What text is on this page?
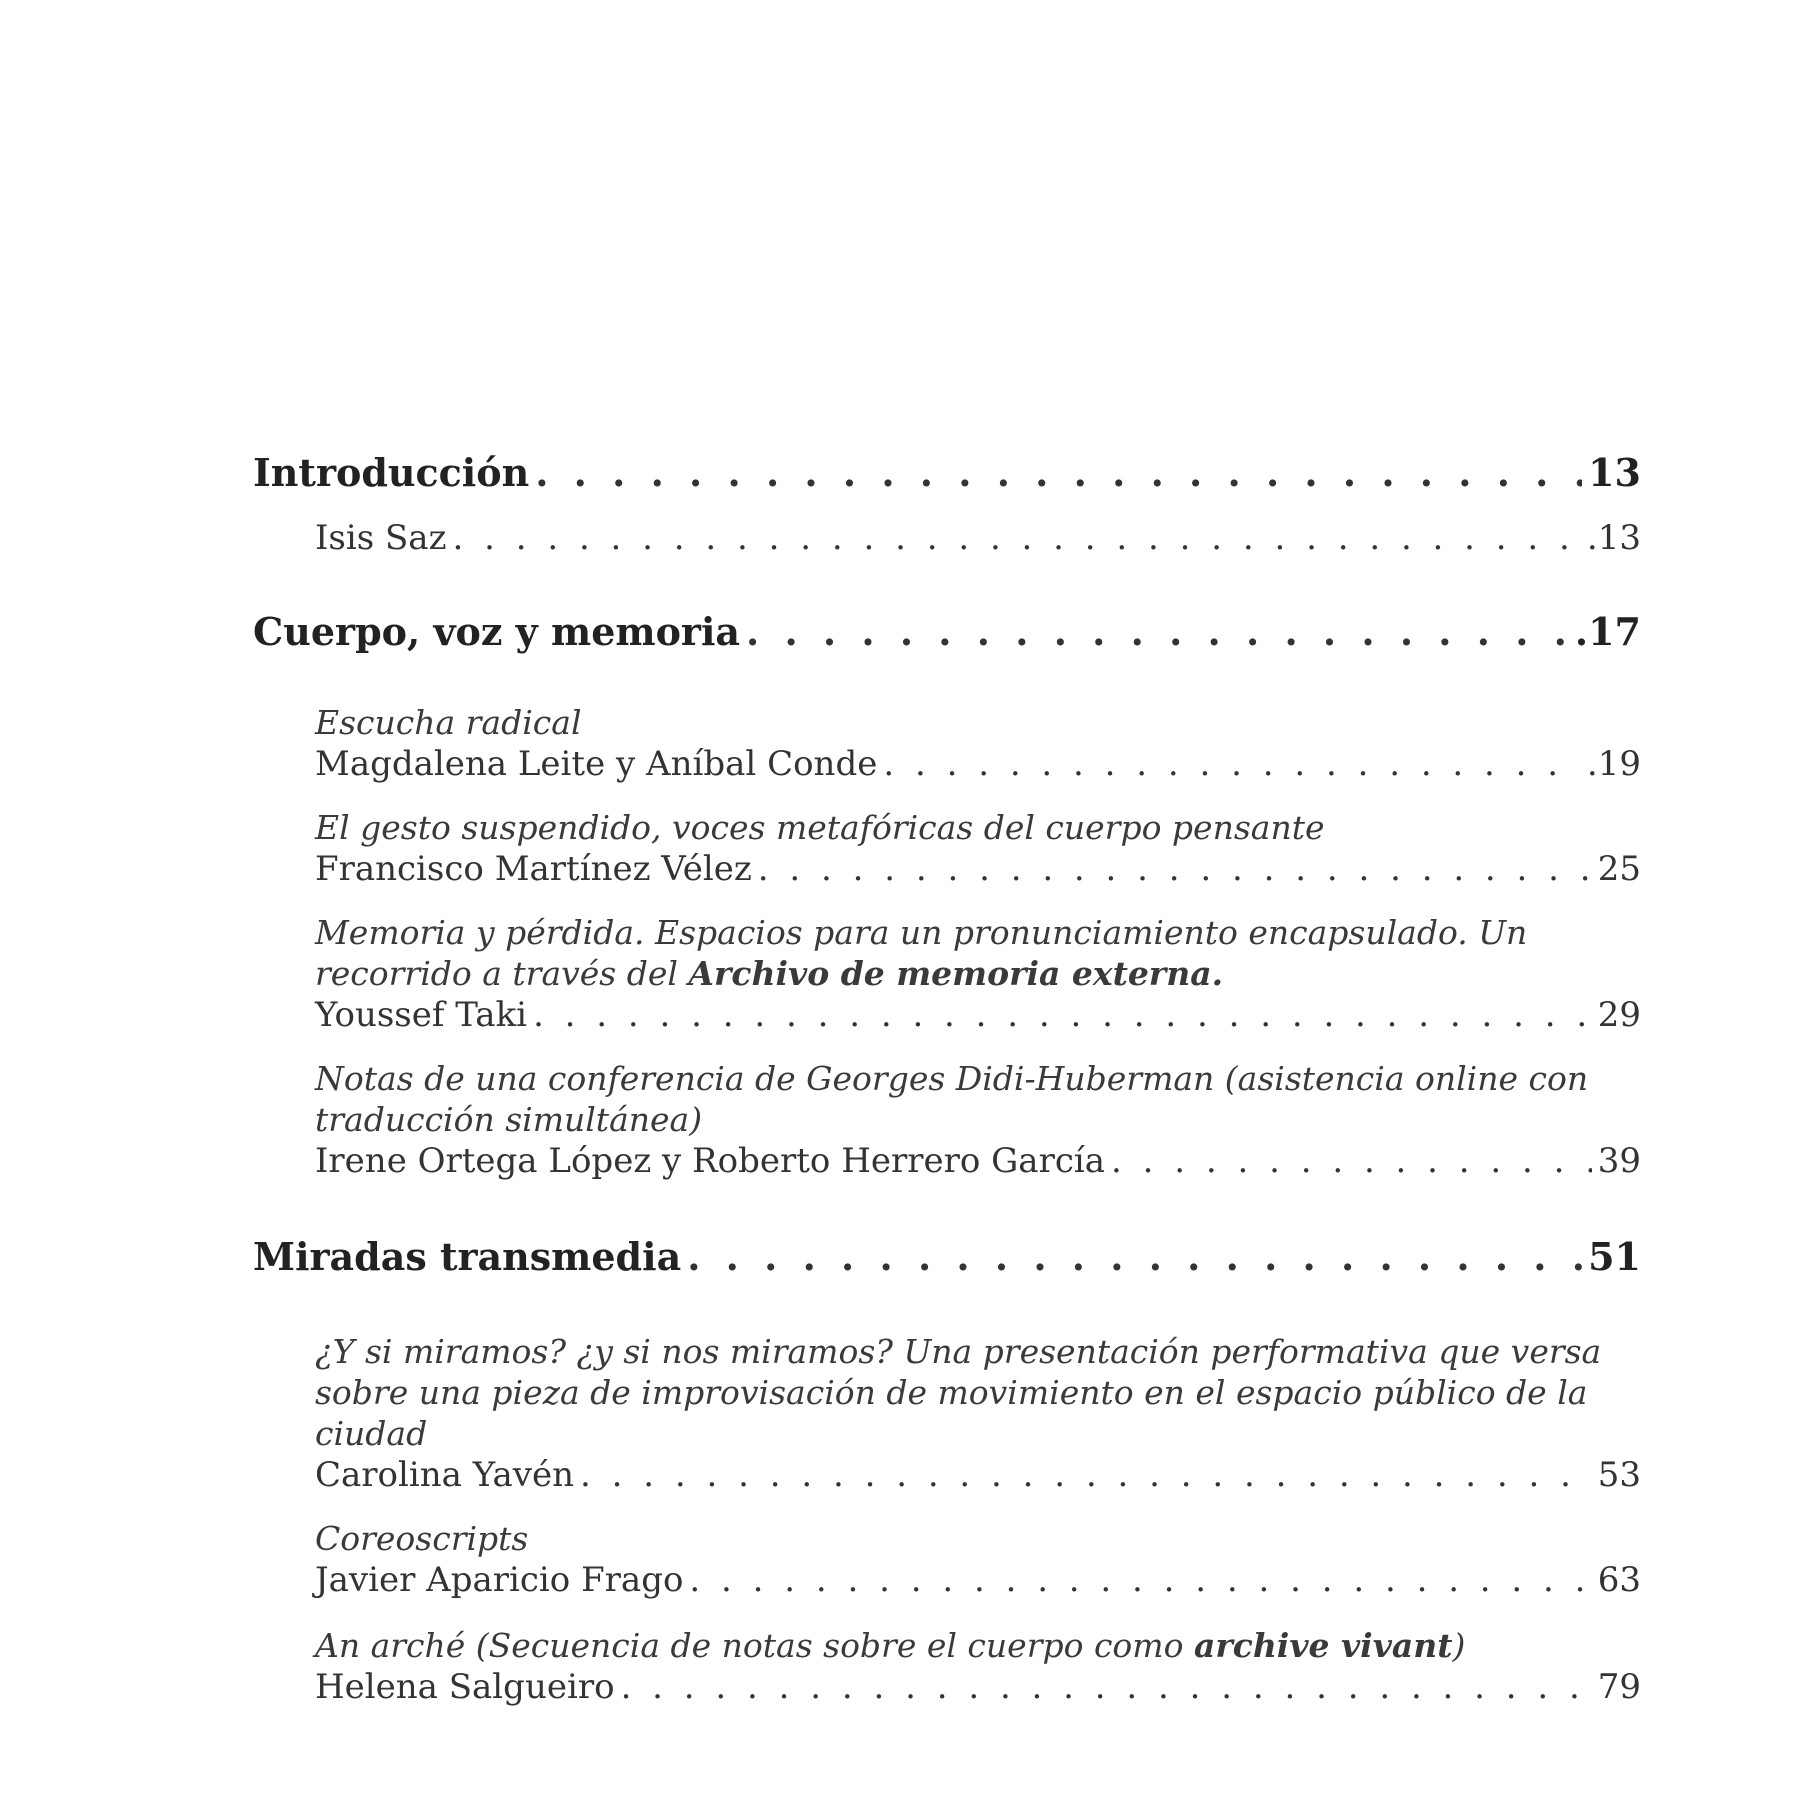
Introducción . . .	13
Isis Saz . . .	.13
Cuerpo, voz y memoria . . .	.17
Escucha radical
Magdalena Leite y Aníbal Conde . . .	.19
El gesto suspendido, voces metafóricas del cuerpo pensante
Francisco Martínez Vélez . . .	25
Memoria y pérdida. Espacios para un pronunciamiento encapsulado. Un
recorrido a través del Archivo de memoria externa.
Youssef Taki . . .	29
Notas de una conferencia de Georges Didi-Huberman (asistencia online con
traducción simultánea)
Irene Ortega López y Roberto Herrero García . . .	39
Miradas transmedia . . .	51
¿Y si miramos? ¿y si nos miramos? Una presentación performativa que versa
sobre una pieza de improvisación de movimiento en el espacio público de la
ciudad
Carolina Yavén . . .	53
Coreoscripts
Javier Aparicio Frago . . .	63
An arché (Secuencia de notas sobre el cuerpo como archive vivant)
Helena Salgueiro . . .	79
